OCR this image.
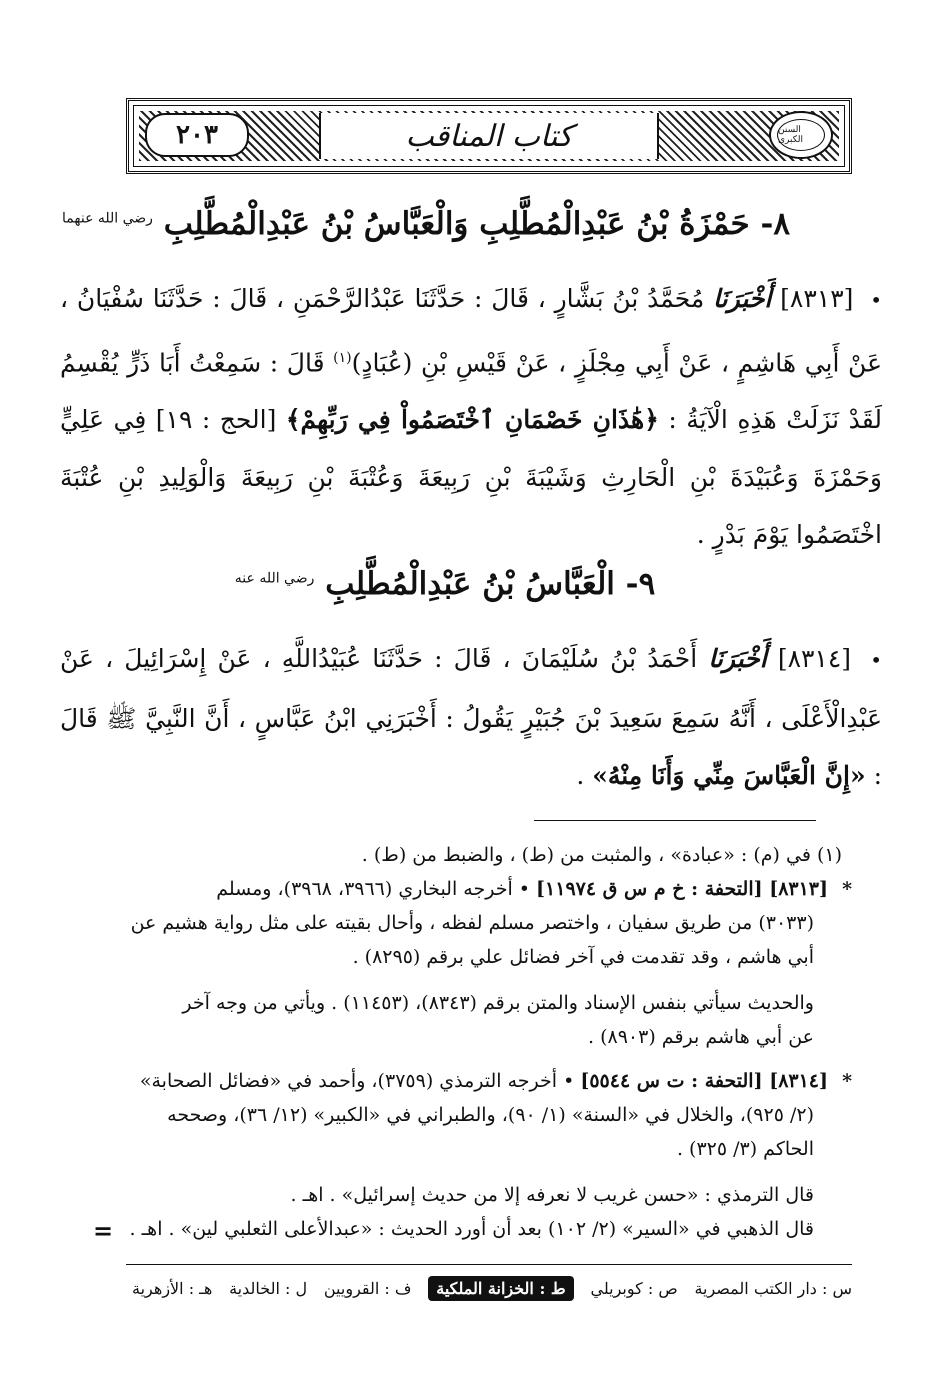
٢٠٣	كتاب المناقب	السنن الكبرى
٨- حَمْزَةُ بْنُ عَبْدِالْمُطَّلِبِ وَالْعَبَّاسُ بْنُ عَبْدِالْمُطَّلِبِ $^{رضي الله عنهما}$
• [٨٣١٣] أَخْبَرَنَا مُحَمَّدُ بْنُ بَشَّارٍ ، قَالَ : حَدَّثَنَا عَبْدُالرَّحْمَنِ ، قَالَ : حَدَّثَنَا سُفْيَانُ ، عَنْ أَبِي هَاشِمٍ ، عَنْ أَبِي مِجْلَزٍ ، عَنْ قَيْسِ بْنِ (عُبَادٍ)$^{(١)}$ قَالَ : سَمِعْتُ أَبَا ذَرٍّ يُقْسِمُ لَقَدْ نَزَلَتْ هَذِهِ الْآيَةُ : ﴿هَٰذَانِ خَصْمَانِ ٱخْتَصَمُواْ فِي رَبِّهِمْ﴾ [الحج : ١٩] فِي عَلِيٍّ وَحَمْزَةَ وَعُبَيْدَةَ بْنِ الْحَارِثِ وَشَيْبَةَ بْنِ رَبِيعَةَ وَعُتْبَةَ بْنِ رَبِيعَةَ وَالْوَلِيدِ بْنِ عُتْبَةَ اخْتَصَمُوا يَوْمَ بَدْرٍ .
٩- الْعَبَّاسُ بْنُ عَبْدِالْمُطَّلِبِ $^{رضي الله عنه}$
• [٨٣١٤] أَخْبَرَنَا أَحْمَدُ بْنُ سُلَيْمَانَ ، قَالَ : حَدَّثَنَا عُبَيْدُاللَّهِ ، عَنْ إِسْرَائِيلَ ، عَنْ عَبْدِالْأَعْلَى ، أَنَّهُ سَمِعَ سَعِيدَ بْنَ جُبَيْرٍ يَقُولُ : أَخْبَرَنِي ابْنُ عَبَّاسٍ ، أَنَّ النَّبِيَّ ﷺ قَالَ : «إِنَّ الْعَبَّاسَ مِنِّي وَأَنَا مِنْهُ» .
(١) في (م) : «عبادة» ، والمثبت من (ط) ، والضبط من (ط) .
* [٨٣١٣] [التحفة : خ م س ق ١١٩٧٤] • أخرجه البخاري (٣٩٦٦، ٣٩٦٨)، ومسلم
(٣٠٣٣) من طريق سفيان ، واختصر مسلم لفظه ، وأحال بقيته على مثل رواية هشيم عن
أبي هاشم ، وقد تقدمت في آخر فضائل علي برقم (٨٢٩٥) .
والحديث سيأتي بنفس الإسناد والمتن برقم (٨٣٤٣)، (١١٤٥٣) . ويأتي من وجه آخر
عن أبي هاشم برقم (٨٩٠٣) .
* [٨٣١٤] [التحفة : ت س ٥٥٤٤] • أخرجه الترمذي (٣٧٥٩)، وأحمد في «فضائل الصحابة»
(٢/ ٩٢٥)، والخلال في «السنة» (١/ ٩٠)، والطبراني في «الكبير» (١٢/ ٣٦)، وصححه
الحاكم (٣/ ٣٢٥) .
قال الترمذي : «حسن غريب لا نعرفه إلا من حديث إسرائيل» . اهـ .
قال الذهبي في «السير» (٢/ ١٠٢) بعد أن أورد الحديث : «عبدالأعلى الثعلبي لين» . اهـ .
=
س : دار الكتب المصرية
ص : كوبريلي
ط : الخزانة الملكية
ف : القرويين
ل : الخالدية
هـ : الأزهرية
